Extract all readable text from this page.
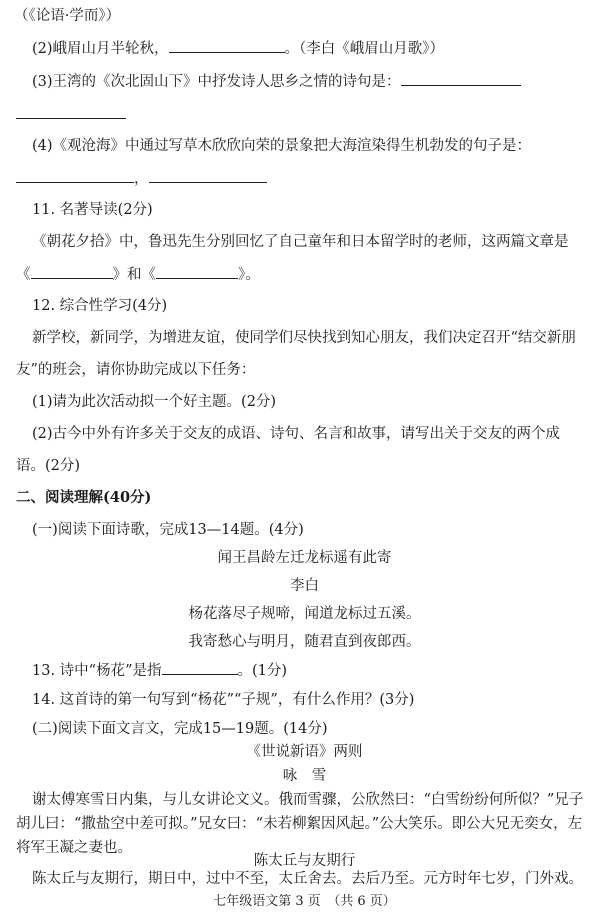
（《论语·学而》）
(2)峨眉山月半轮秋，	。（李白《峨眉山月歌》）
(3)王湾的《次北固山下》中抒发诗人思乡之情的诗句是：
(4)《观沧海》中通过写草木欣欣向荣的景象把大海渲染得生机勃发的句子是：
，
11. 名著导读(2分)
《朝花夕拾》中，鲁迅先生分别回忆了自己童年和日本留学时的老师，这两篇文章是
《	》和《	》。
12. 综合性学习(4分)
新学校，新同学，为增进友谊，使同学们尽快找到知心朋友，我们决定召开“结交新朋
友”的班会，请你协助完成以下任务：
(1)请为此次活动拟一个好主题。(2分)
(2)古今中外有许多关于交友的成语、诗句、名言和故事，请写出关于交友的两个成
语。(2分)
二、阅读理解(40分)
(一)阅读下面诗歌，完成13—14题。(4分)
闻王昌龄左迁龙标遥有此寄
李白
杨花落尽子规啼，闻道龙标过五溪。
我寄愁心与明月，随君直到夜郎西。
13. 诗中“杨花”是指	。(1分)
14. 这首诗的第一句写到“杨花”“子规”，有什么作用？(3分)
(二)阅读下面文言文，完成15—19题。(14分)
《世说新语》两则
咏　雪
谢太傅寒雪日内集，与儿女讲论文义。俄而雪骤，公欣然曰：“白雪纷纷何所似？”兄子
胡儿曰：“撒盐空中差可拟。”兄女曰：“未若柳絮因风起。”公大笑乐。即公大兄无奕女，左
将军王凝之妻也。
陈太丘与友期行
陈太丘与友期行，期日中，过中不至，太丘舍去。去后乃至。元方时年七岁，门外戏。
七年级语文第 3 页　（共 6 页）
